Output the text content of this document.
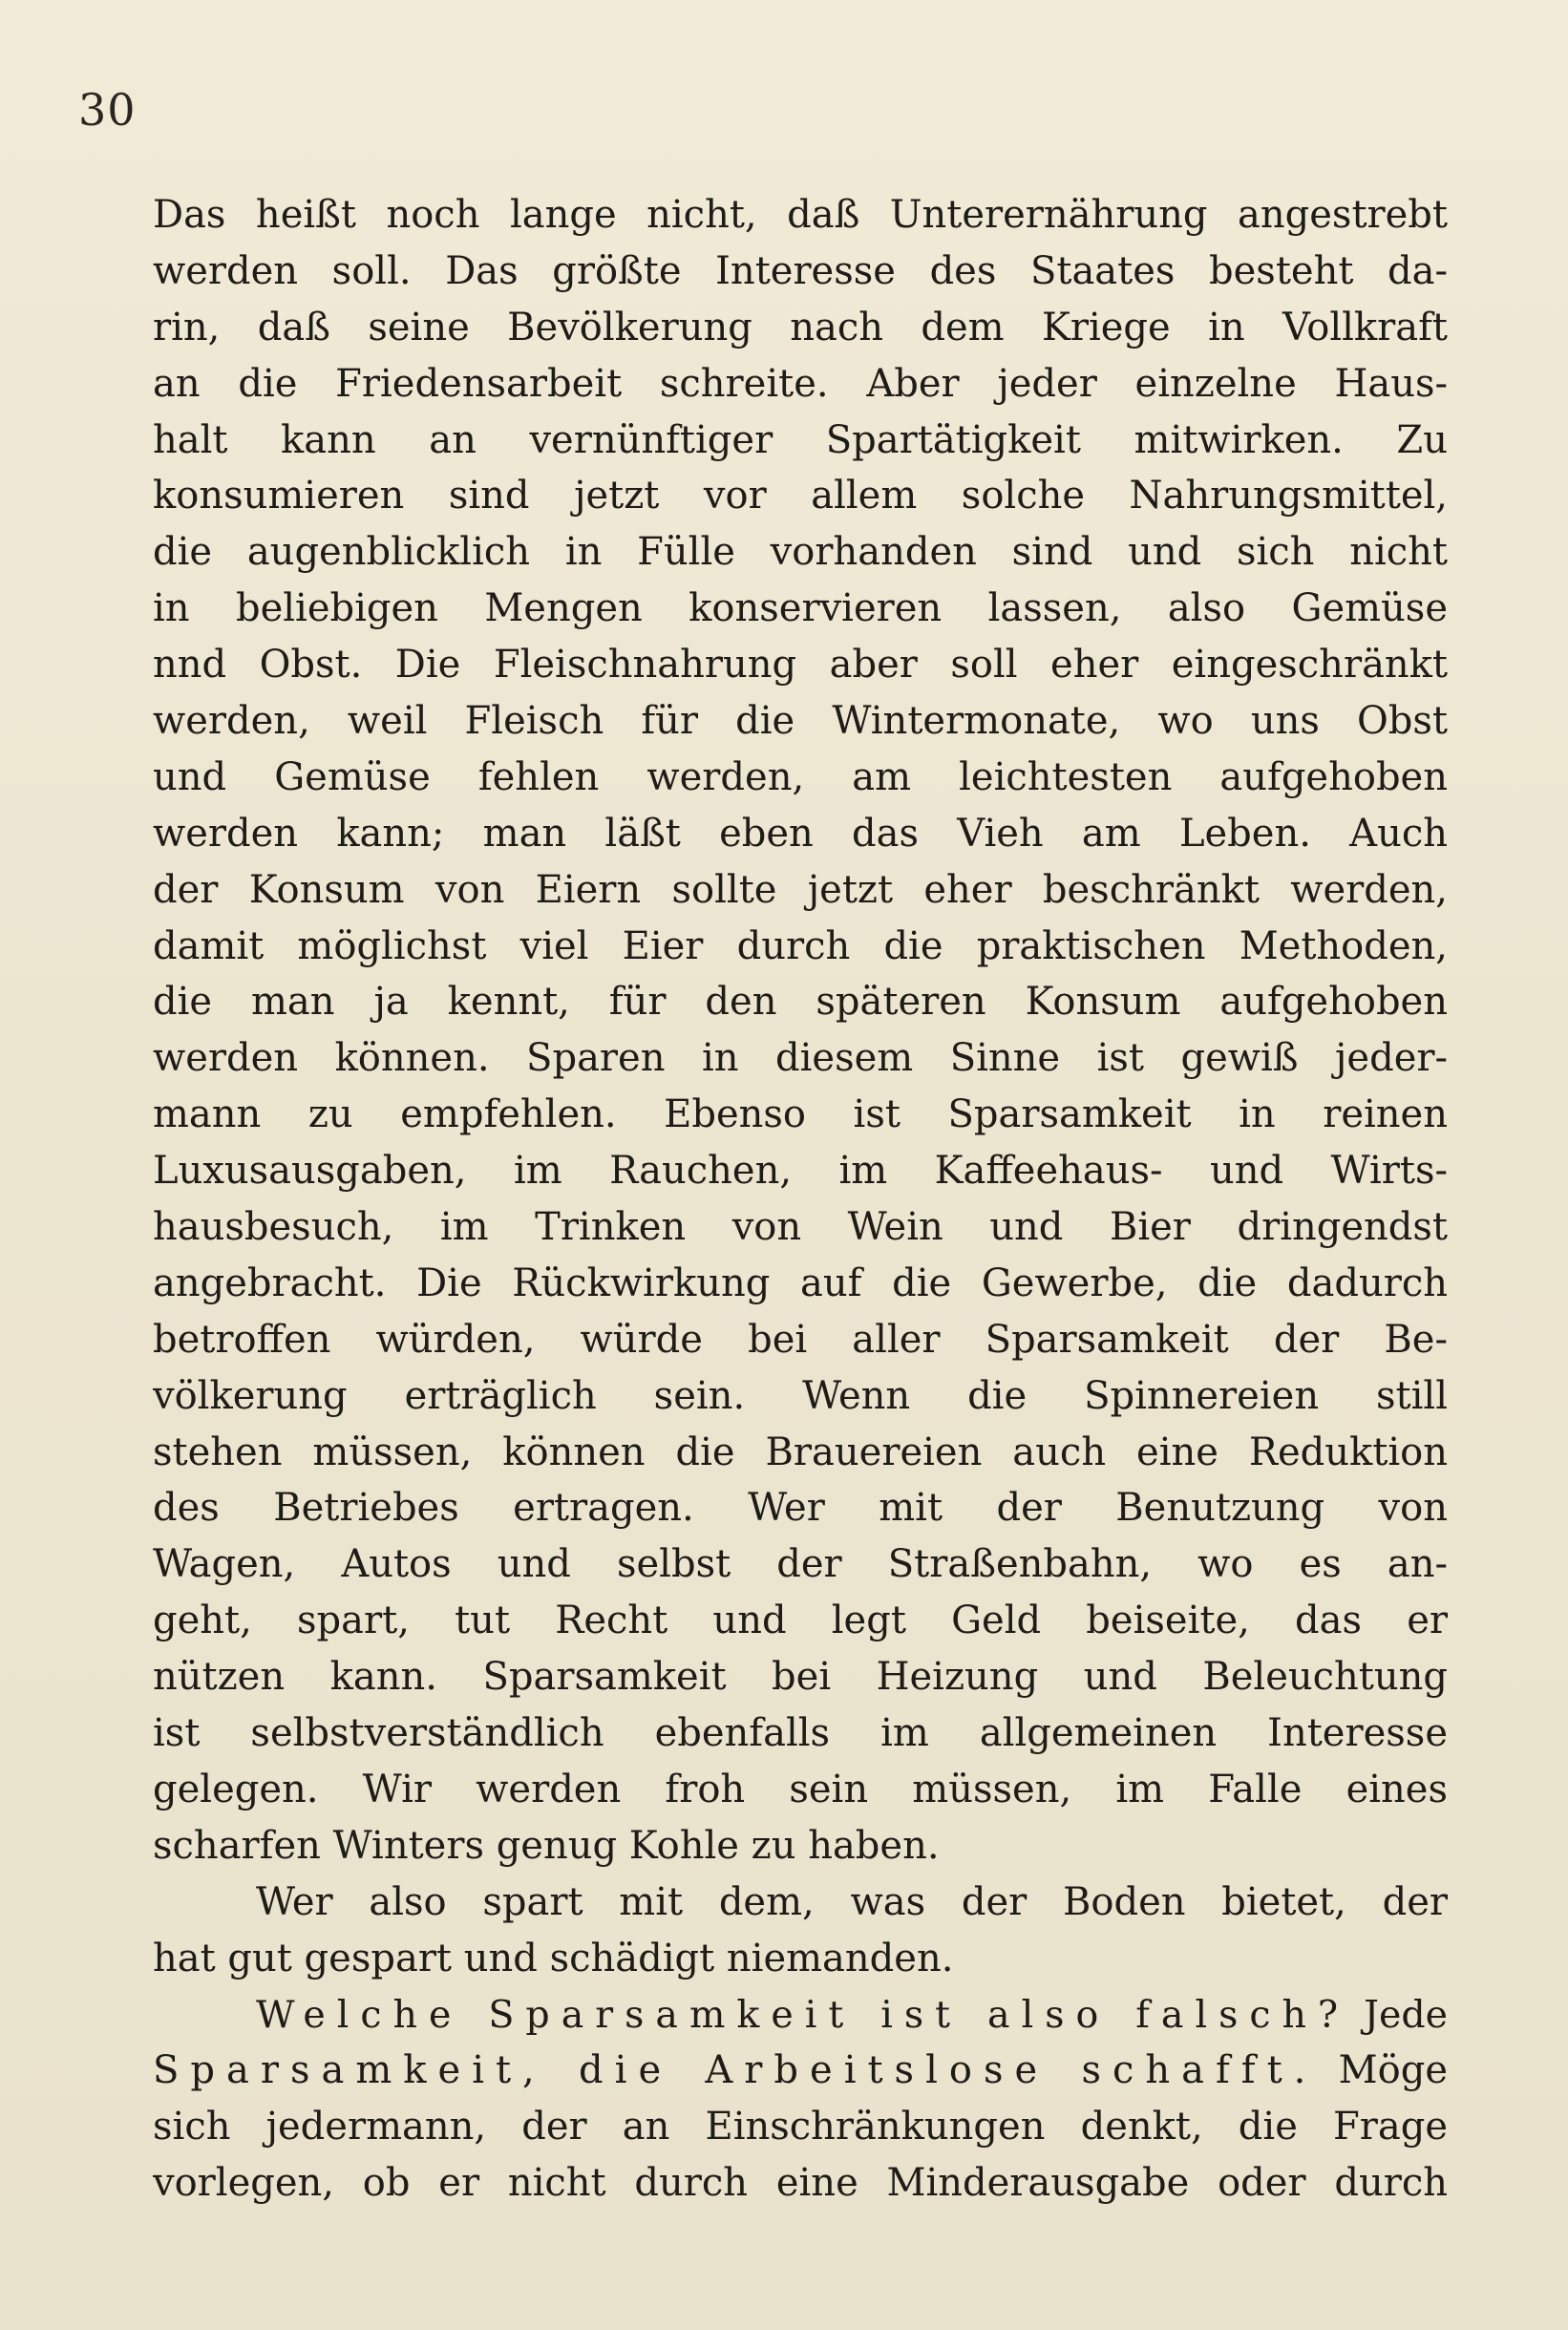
30
Das heißt noch lange nicht, daß Unterernährung angestrebt
werden soll. Das größte Interesse des Staates besteht da-
rin, daß seine Bevölkerung nach dem Kriege in Vollkraft
an die Friedensarbeit schreite. Aber jeder einzelne Haus-
halt kann an vernünftiger Spartätigkeit mitwirken. Zu
konsumieren sind jetzt vor allem solche Nahrungsmittel,
die augenblicklich in Fülle vorhanden sind und sich nicht
in beliebigen Mengen konservieren lassen, also Gemüse
nnd Obst. Die Fleischnahrung aber soll eher eingeschränkt
werden, weil Fleisch für die Wintermonate, wo uns Obst
und Gemüse fehlen werden, am leichtesten aufgehoben
werden kann; man läßt eben das Vieh am Leben. Auch
der Konsum von Eiern sollte jetzt eher beschränkt werden,
damit möglichst viel Eier durch die praktischen Methoden,
die man ja kennt, für den späteren Konsum aufgehoben
werden können. Sparen in diesem Sinne ist gewiß jeder-
mann zu empfehlen. Ebenso ist Sparsamkeit in reinen
Luxusausgaben, im Rauchen, im Kaffeehaus- und Wirts-
hausbesuch, im Trinken von Wein und Bier dringendst
angebracht. Die Rückwirkung auf die Gewerbe, die dadurch
betroffen würden, würde bei aller Sparsamkeit der Be-
völkerung erträglich sein. Wenn die Spinnereien still
stehen müssen, können die Brauereien auch eine Reduktion
des Betriebes ertragen. Wer mit der Benutzung von
Wagen, Autos und selbst der Straßenbahn, wo es an-
geht, spart, tut Recht und legt Geld beiseite, das er
nützen kann. Sparsamkeit bei Heizung und Beleuchtung
ist selbstverständlich ebenfalls im allgemeinen Interesse
gelegen. Wir werden froh sein müssen, im Falle eines
scharfen Winters genug Kohle zu haben.
Wer also spart mit dem, was der Boden bietet, der
hat gut gespart und schädigt niemanden.
Welche Sparsamkeit ist also falsch? Jede
Sparsamkeit, die Arbeitslose schafft. Möge
sich jedermann, der an Einschränkungen denkt, die Frage
vorlegen, ob er nicht durch eine Minderausgabe oder durch
